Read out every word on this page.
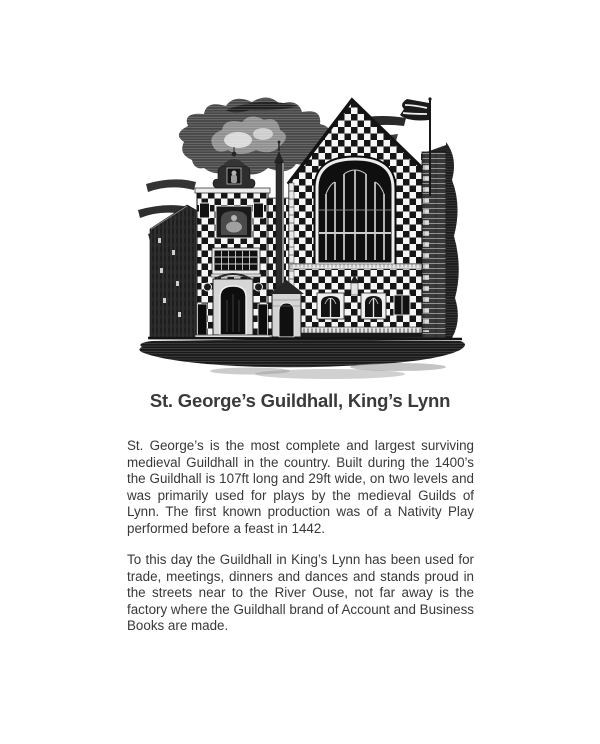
St. George’s Guildhall, King’s Lynn

St. George’s is the most complete and largest surviving medieval Guildhall in the country. Built during the 1400’s the Guildhall is 107ft long and 29ft wide, on two levels and was primarily used for plays by the medieval Guilds of Lynn. The first known production was of a Nativity Play performed before a feast in 1442.

To this day the Guildhall in King’s Lynn has been used for trade, meetings, dinners and dances and stands proud in the streets near to the River Ouse, not far away is the factory where the Guildhall brand of Account and Business Books are made.
